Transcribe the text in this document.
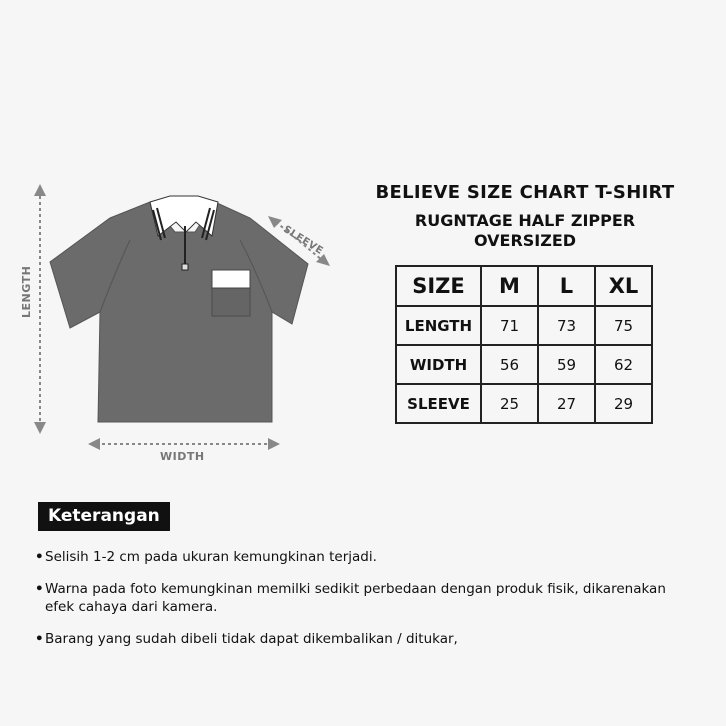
LENGTH
WIDTH
SLEEVE
BELIEVE SIZE CHART T-SHIRT
RUGNTAGE HALF ZIPPER
OVERSIZED
SIZE	M	L	XL
LENGTH	71	73	75
WIDTH	56	59	62
SLEEVE	25	27	29
Keterangan
• Selisih 1-2 cm pada ukuran kemungkinan terjadi.
• Warna pada foto kemungkinan memilki sedikit perbedaan dengan produk fisik, dikarenakan efek cahaya dari kamera.
• Barang yang sudah dibeli tidak dapat dikembalikan / ditukar,
